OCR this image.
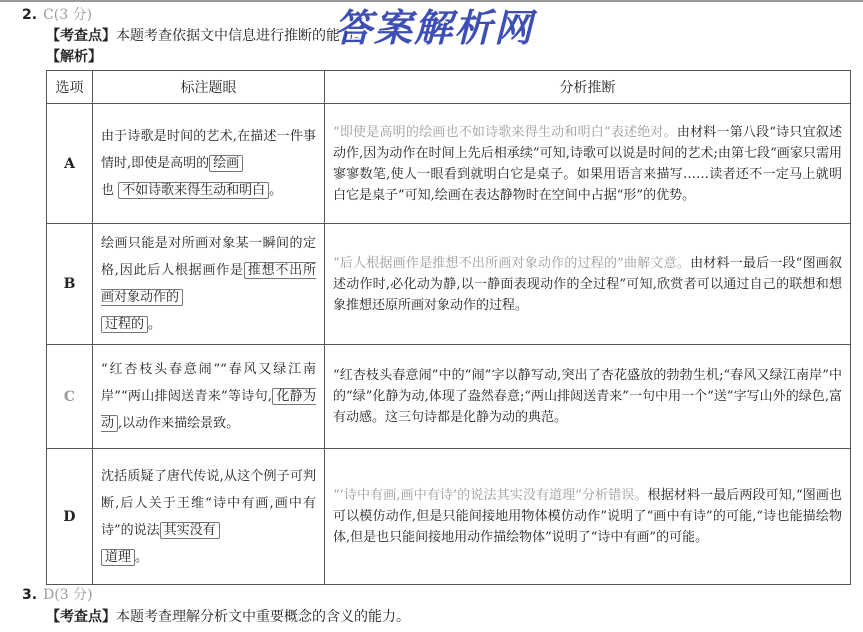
2. C(3 分)
【考查点】本题考查依据文中信息进行推断的能力。
【解析】
答案解析网
选项	标注题眼	分析推断
A	由于诗歌是时间的艺术,在描述一件事情时,即使是高明的 绘画
也 不如诗歌来得生动和明白 。	“即使是高明的绘画也不如诗歌来得生动和明白”表述绝对。由材料一第八段“诗只宜叙述动作,因为动作在时间上先后相承续”可知,诗歌可以说是时间的艺术;由第七段“画家只需用寥寥数笔,使人一眼看到就明白它是桌子。如果用语言来描写……读者还不一定马上就明白它是桌子”可知,绘画在表达静物时在空间中占据“形”的优势。
B	绘画只能是对所画对象某一瞬间的定格,因此后人根据画作是 推想不出所画对象动作的
过程的 。	“后人根据画作是推想不出所画对象动作的过程的”曲解文意。由材料一最后一段“图画叙述动作时,必化动为静,以一静面表现动作的全过程”可知,欣赏者可以通过自己的联想和想象推想还原所画对象动作的过程。
C	“红杏枝头春意闹”“春风又绿江南岸”“两山排闼送青来”等诗句, 化静为动 ,以动作来描绘景致。	“红杏枝头春意闹”中的“闹”字以静写动,突出了杏花盛放的勃勃生机;“春风又绿江南岸”中的“绿”化静为动,体现了盎然春意;“两山排闼送青来”一句中用一个“送”字写山外的绿色,富有动感。这三句诗都是化静为动的典范。
D	沈括质疑了唐代传说,从这个例子可判断,后人关于王维“诗中有画,画中有诗”的说法 其实没有
道理 。	“‘诗中有画,画中有诗’的说法其实没有道理”分析错误。根据材料一最后两段可知,“图画也可以模仿动作,但是只能间接地用物体模仿动作”说明了“画中有诗”的可能,“诗也能描绘物体,但是也只能间接地用动作描绘物体”说明了“诗中有画”的可能。
3. D(3 分)
【考查点】本题考查理解分析文中重要概念的含义的能力。
